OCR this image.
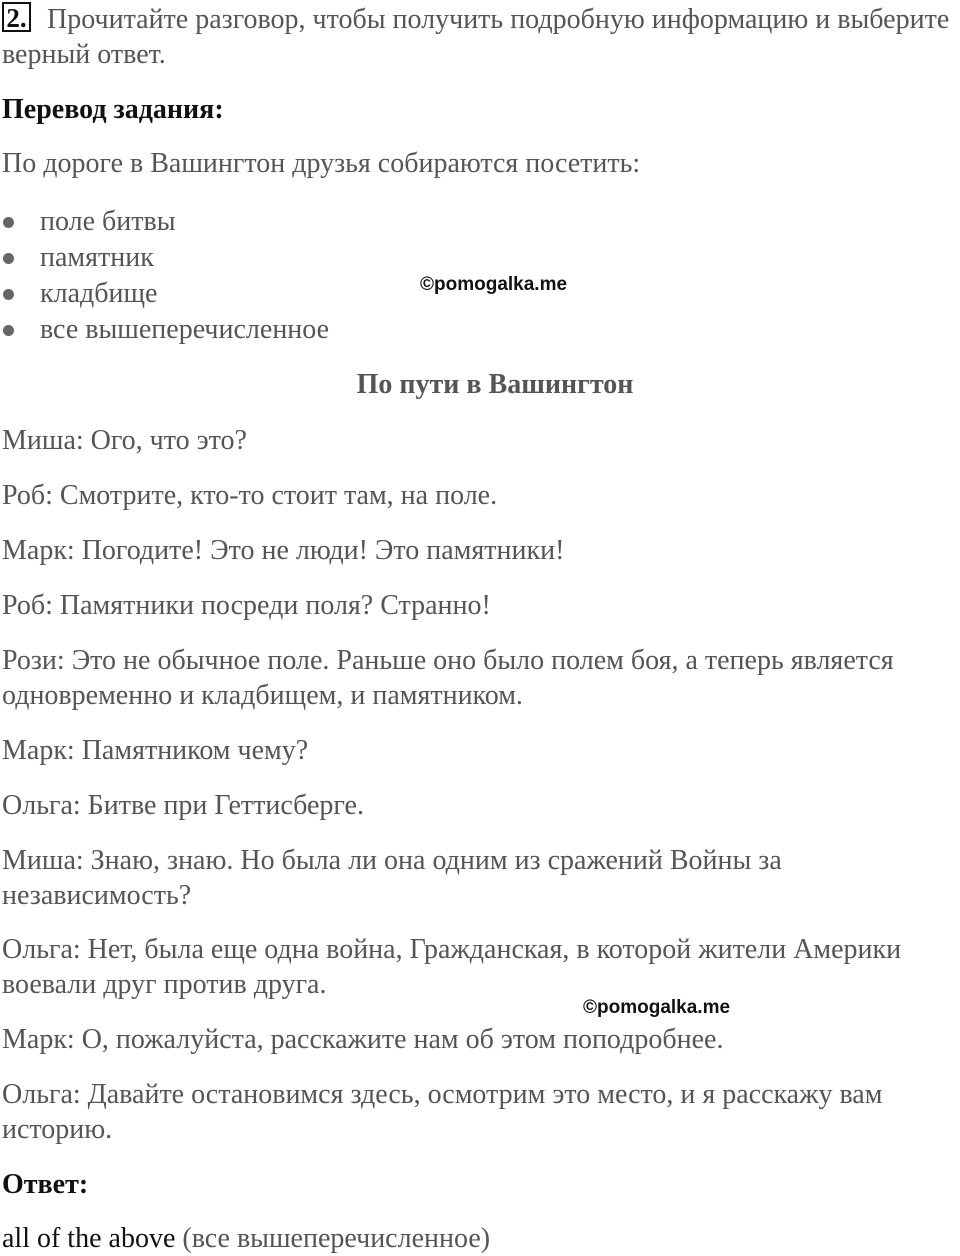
2. Прочитайте разговор, чтобы получить подробную информацию и выберите верный ответ.
Перевод задания:
По дороге в Вашингтон друзья собираются посетить:
поле битвы
памятник
кладбище
все вышеперечисленное
©pomogalka.me
По пути в Вашингтон
Миша: Ого, что это?
Роб: Смотрите, кто-то стоит там, на поле.
Марк: Погодите! Это не люди! Это памятники!
Роб: Памятники посреди поля? Странно!
Рози: Это не обычное поле. Раньше оно было полем боя, а теперь является одновременно и кладбищем, и памятником.
Марк: Памятником чему?
Ольга: Битве при Геттисберге.
Миша: Знаю, знаю. Но была ли она одним из сражений Войны за независимость?
Ольга: Нет, была еще одна война, Гражданская, в которой жители Америки воевали друг против друга.
©pomogalka.me
Марк: О, пожалуйста, расскажите нам об этом поподробнее.
Ольга: Давайте остановимся здесь, осмотрим это место, и я расскажу вам историю.
Ответ:
all of the above (все вышеперечисленное)
